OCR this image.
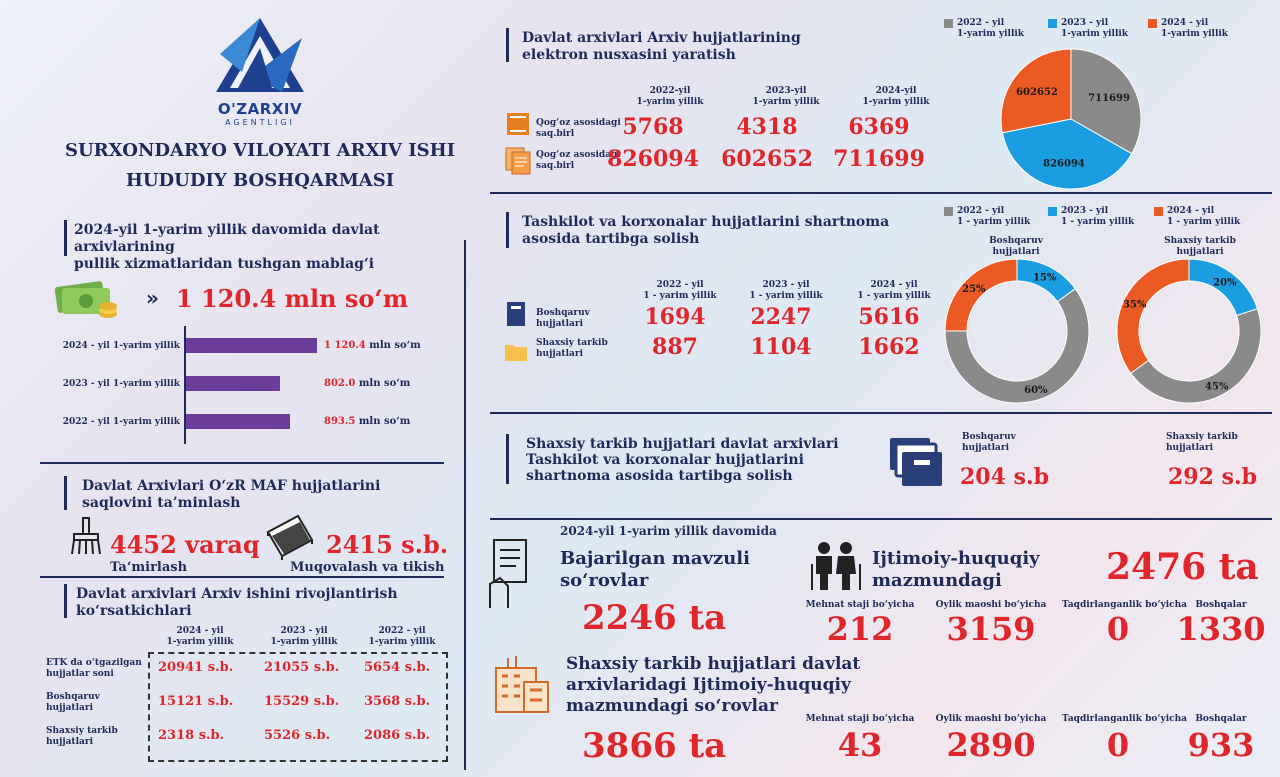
O'ZARXIV
AGENTLIGI
SURXONDARYO VILOYATI ARXIV ISHI
HUDUDIY BOSHQARMASI
2024-yil 1-yarim yillik davomida davlat arxivlarining
pullik xizmatlaridan tushgan mablag‘i
» 1 120.4 mln so‘m
2024 - yil 1-yarim yillik	1 120.4 mln so‘m
2023 - yil 1-yarim yillik	802.0 mln so‘m
2022 - yil 1-yarim yillik	893.5 mln so‘m
Davlat Arxivlari O‘zR MAF hujjatlarini
saqlovini ta’minlash
4452 varaq
Ta‘mirlash
2415 s.b.
Muqovalash va tikish
Davlat arxivlari Arxiv ishini rivojlantirish
ko‘rsatkichlari
2024 - yil
1-yarim yillik
2023 - yil
1-yarim yillik
2022 - yil
1-yarim yillik
ETK da o‘tgazilgan
hujjatlar soni	20941 s.b. 21055 s.b. 5654 s.b.
Boshqaruv
hujjatlari	15121 s.b. 15529 s.b. 3568 s.b.
Shaxsiy tarkib
hujjatlari	2318 s.b.	5526 s.b.	2086 s.b.
Davlat arxivlari Arxiv hujjatlarining
elektron nusxasini yaratish
2022-yil
1-yarim yillik
2023-yil
1-yarim yillik
2024-yil
1-yarim yillik
Qog‘oz asosidagi
saq.birl	5768	4318	6369
Qog‘oz asosidagi
saq.birl	826094	602652 711699
2022 - yil
1-yarim yillik
2023 - yil
1-yarim yillik
2024 - yil
1-yarim yillik
711699
826094
602652
Tashkilot va korxonalar hujjatlarini shartnoma
asosida tartibga solish
2022 - yil
1 - yarim yillik
2023 - yil
1 - yarim yillik
2024 - yil
1 - yarim yillik
Boshqaruv
hujjatlari	1694	2247	5616
Shaxsiy tarkib
hujjatlari	887	1104	1662
2022 - yil
1 - yarim yillik
2023 - yil
1 - yarim yillik
2024 - yil
1 - yarim yillik
Boshqaruv
hujjatlari
Shaxsiy tarkib
hujjatlari
15%
60%
25%
20%
45%
35%
Shaxsiy tarkib hujjatlari davlat arxivlari
Tashkilot va korxonalar hujjatlarini
shartnoma asosida tartibga solish
Boshqaruv
hujjatlari
204 s.b
Shaxsiy tarkib
hujjatlari
292 s.b
2024-yil 1-yarim yillik davomida
Bajarilgan mavzuli
so‘rovlar
2246 ta
Ijtimoiy-huquqiy
mazmundagi	2476 ta
Mehnat staji bo‘yicha
212
Oylik maoshi bo‘yicha
3159
Taqdirlanganlik bo‘yicha
0
Boshqalar
1330
Shaxsiy tarkib hujjatlari davlat
arxivlaridagi Ijtimoiy-huquqiy
mazmundagi so‘rovlar
3866 ta
Mehnat staji bo‘yicha
43
Oylik maoshi bo‘yicha
2890
Taqdirlanganlik bo‘yicha
0
Boshqalar
933
